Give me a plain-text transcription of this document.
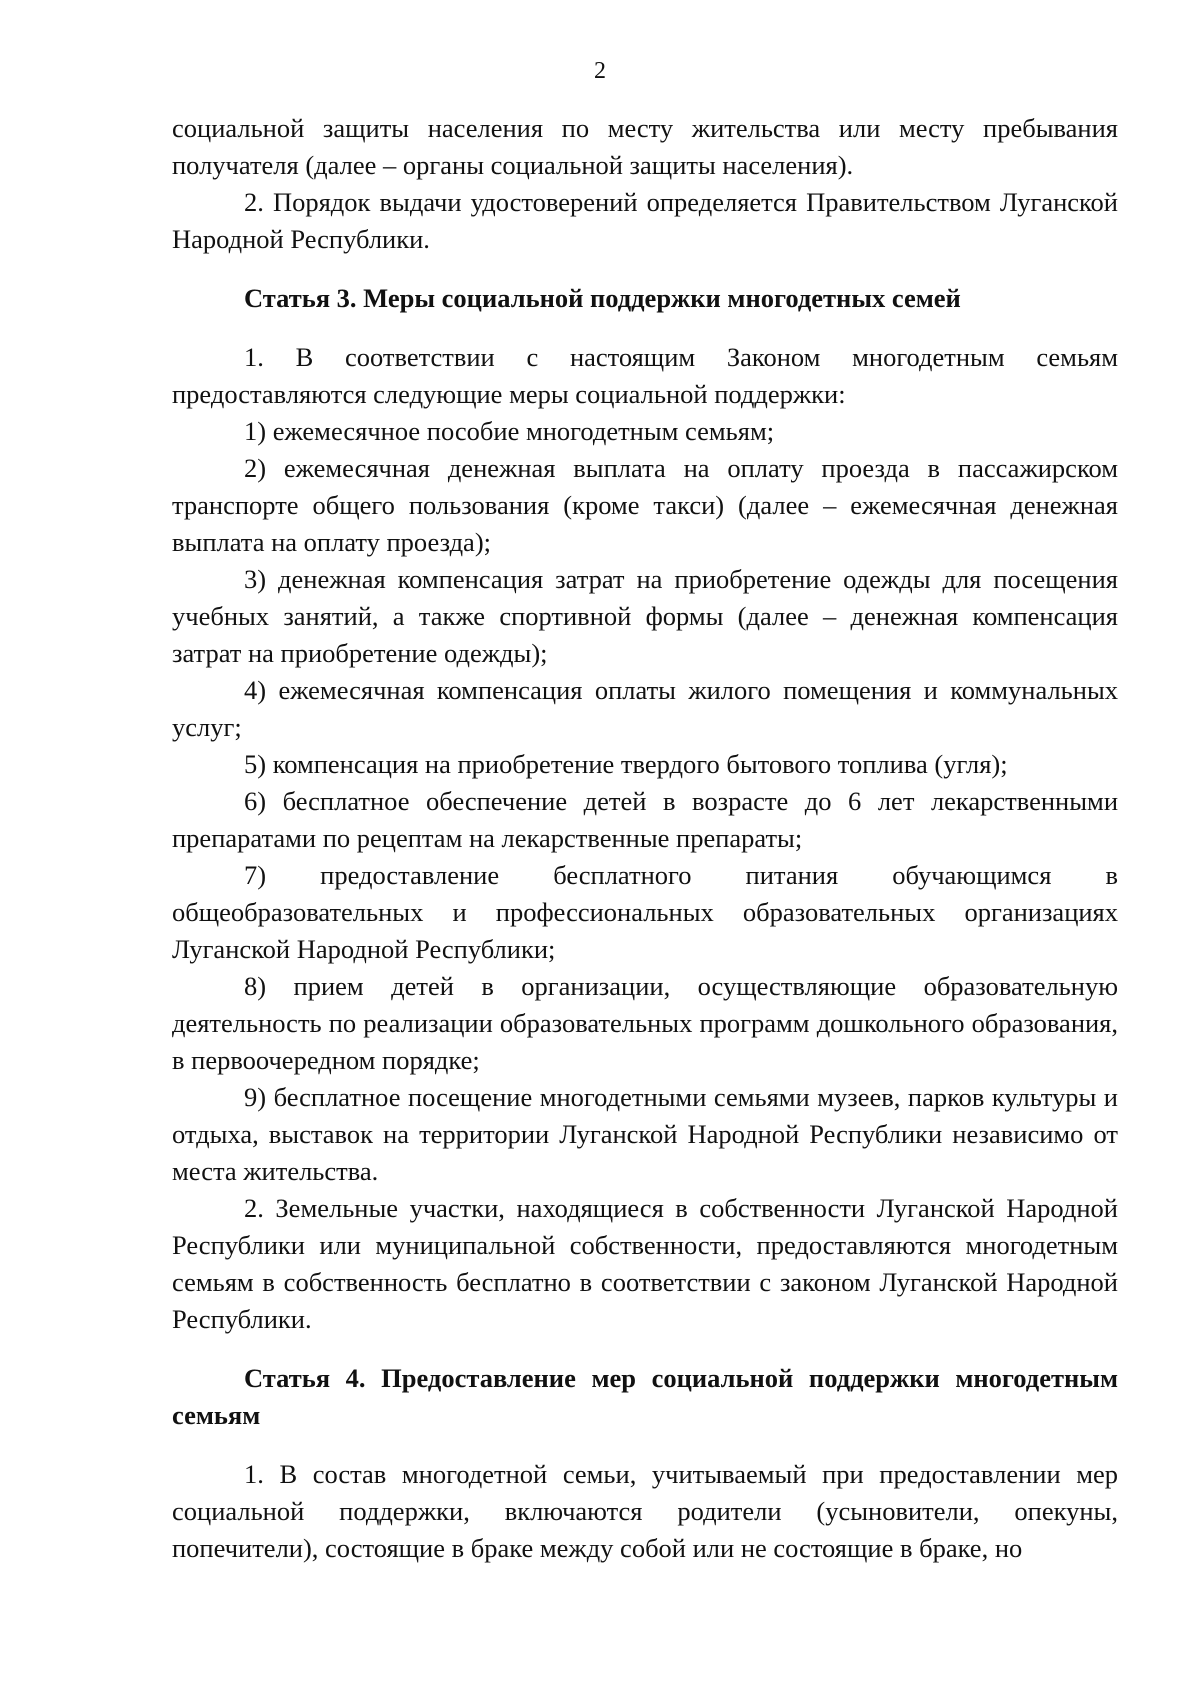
2

социальной защиты населения по месту жительства или месту пребывания получателя (далее – органы социальной защиты населения).

2. Порядок выдачи удостоверений определяется Правительством Луганской Народной Республики.

Статья 3. Меры социальной поддержки многодетных семей

1. В соответствии с настоящим Законом многодетным семьям предоставляются следующие меры социальной поддержки:

1) ежемесячное пособие многодетным семьям;

2) ежемесячная денежная выплата на оплату проезда в пассажирском транспорте общего пользования (кроме такси) (далее – ежемесячная денежная выплата на оплату проезда);

3) денежная компенсация затрат на приобретение одежды для посещения учебных занятий, а также спортивной формы (далее – денежная компенсация затрат на приобретение одежды);

4) ежемесячная компенсация оплаты жилого помещения и коммунальных услуг;

5) компенсация на приобретение твердого бытового топлива (угля);

6) бесплатное обеспечение детей в возрасте до 6 лет лекарственными препаратами по рецептам на лекарственные препараты;

7) предоставление бесплатного питания обучающимся в общеобразовательных и профессиональных образовательных организациях Луганской Народной Республики;

8) прием детей в организации, осуществляющие образовательную деятельность по реализации образовательных программ дошкольного образования, в первоочередном порядке;

9) бесплатное посещение многодетными семьями музеев, парков культуры и отдыха, выставок на территории Луганской Народной Республики независимо от места жительства.

2. Земельные участки, находящиеся в собственности Луганской Народной Республики или муниципальной собственности, предоставляются многодетным семьям в собственность бесплатно в соответствии с законом Луганской Народной Республики.

Статья 4. Предоставление мер социальной поддержки многодетным семьям

1. В состав многодетной семьи, учитываемый при предоставлении мер социальной поддержки, включаются родители (усыновители, опекуны, попечители), состоящие в браке между собой или не состоящие в браке, но
